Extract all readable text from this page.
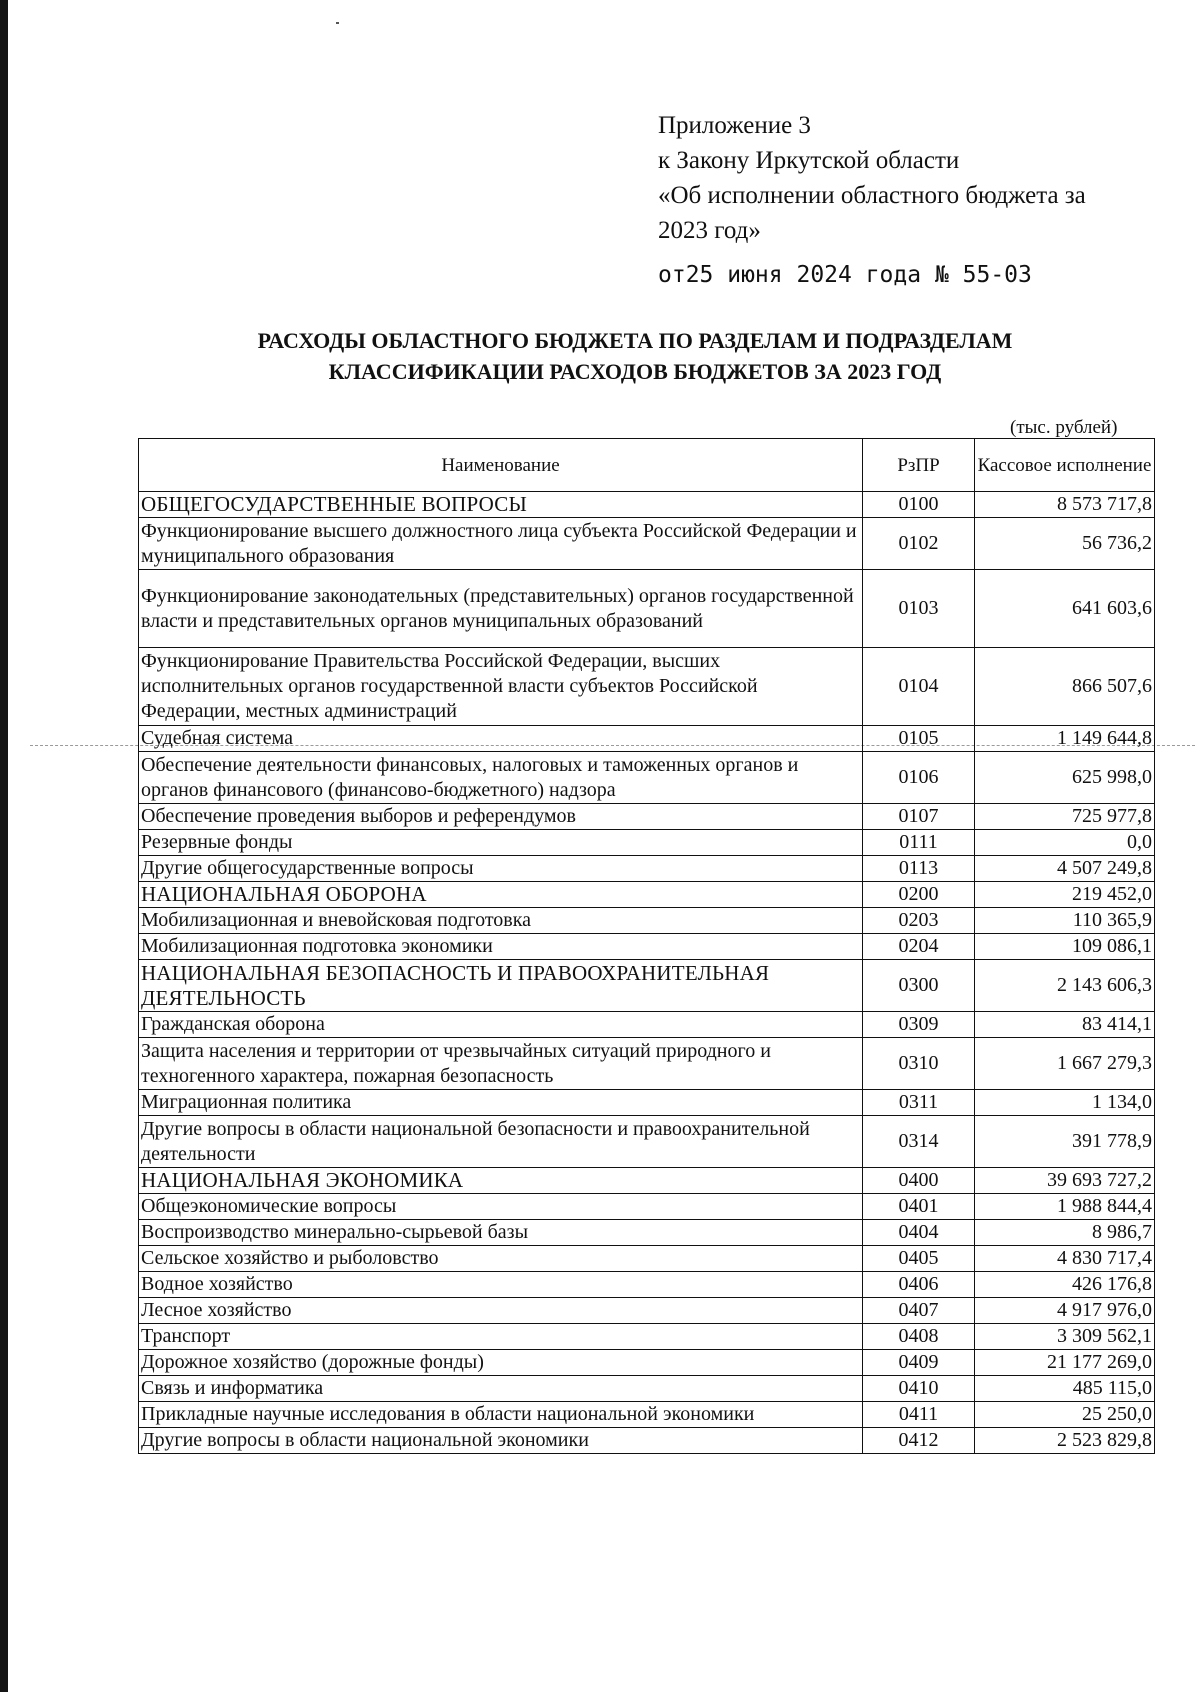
Приложение 3
к Закону Иркутской области
«Об исполнении областного бюджета за
2023 год»
от25 июня 2024 года № 55-03
РАСХОДЫ ОБЛАСТНОГО БЮДЖЕТА ПО РАЗДЕЛАМ И ПОДРАЗДЕЛАМ
КЛАССИФИКАЦИИ РАСХОДОВ БЮДЖЕТОВ ЗА 2023 ГОД
(тыс. рублей)
Наименование	РзПР	Кассовое исполнение
ОБЩЕГОСУДАРСТВЕННЫЕ ВОПРОСЫ	0100	8 573 717,8
Функционирование высшего должностного лица субъекта Российской Федерации и муниципального образования	0102	56 736,2
Функционирование законодательных (представительных) органов государственной власти и представительных органов муниципальных образований	0103	641 603,6
Функционирование Правительства Российской Федерации, высших исполнительных органов государственной власти субъектов Российской Федерации, местных администраций	0104	866 507,6
Судебная система	0105	1 149 644,8
Обеспечение деятельности финансовых, налоговых и таможенных органов и органов финансового (финансово-бюджетного) надзора	0106	625 998,0
Обеспечение проведения выборов и референдумов	0107	725 977,8
Резервные фонды	0111	0,0
Другие общегосударственные вопросы	0113	4 507 249,8
НАЦИОНАЛЬНАЯ ОБОРОНА	0200	219 452,0
Мобилизационная и вневойсковая подготовка	0203	110 365,9
Мобилизационная подготовка экономики	0204	109 086,1
НАЦИОНАЛЬНАЯ БЕЗОПАСНОСТЬ И ПРАВООХРАНИТЕЛЬНАЯ ДЕЯТЕЛЬНОСТЬ	0300	2 143 606,3
Гражданская оборона	0309	83 414,1
Защита населения и территории от чрезвычайных ситуаций природного и техногенного характера, пожарная безопасность	0310	1 667 279,3
Миграционная политика	0311	1 134,0
Другие вопросы в области национальной безопасности и правоохранительной деятельности	0314	391 778,9
НАЦИОНАЛЬНАЯ ЭКОНОМИКА	0400	39 693 727,2
Общеэкономические вопросы	0401	1 988 844,4
Воспроизводство минерально-сырьевой базы	0404	8 986,7
Сельское хозяйство и рыболовство	0405	4 830 717,4
Водное хозяйство	0406	426 176,8
Лесное хозяйство	0407	4 917 976,0
Транспорт	0408	3 309 562,1
Дорожное хозяйство (дорожные фонды)	0409	21 177 269,0
Связь и информатика	0410	485 115,0
Прикладные научные исследования в области национальной экономики	0411	25 250,0
Другие вопросы в области национальной экономики	0412	2 523 829,8
